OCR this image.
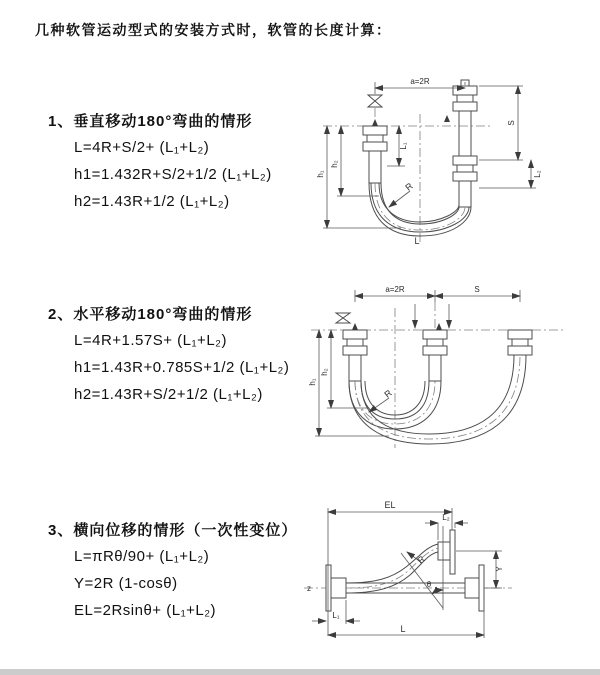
几种软管运动型式的安装方式时，软管的长度计算：
1、垂直移动180°弯曲的情形
L=4R+S/2+ (L₁+L₂)
h1=1.432R+S/2+1/2 (L₁+L₂)
h2=1.43R+1/2 (L₁+L₂)
2、水平移动180°弯曲的情形
L=4R+1.57S+ (L₁+L₂)
h1=1.43R+0.785S+1/2 (L₁+L₂)
h2=1.43R+S/2+1/2 (L₁+L₂)
3、横向位移的情形（一次性变位）
L=πRθ/90+ (L₁+L₂)
Y=2R (1-cosθ)
EL=2Rsinθ+ (L₁+L₂)
a=2R
S
L₂
L₁
h₁
h₂
R
L
a=2R	S
h₁
h₂
R
z
EL
L₂
Y
θ
R
L₁
L
